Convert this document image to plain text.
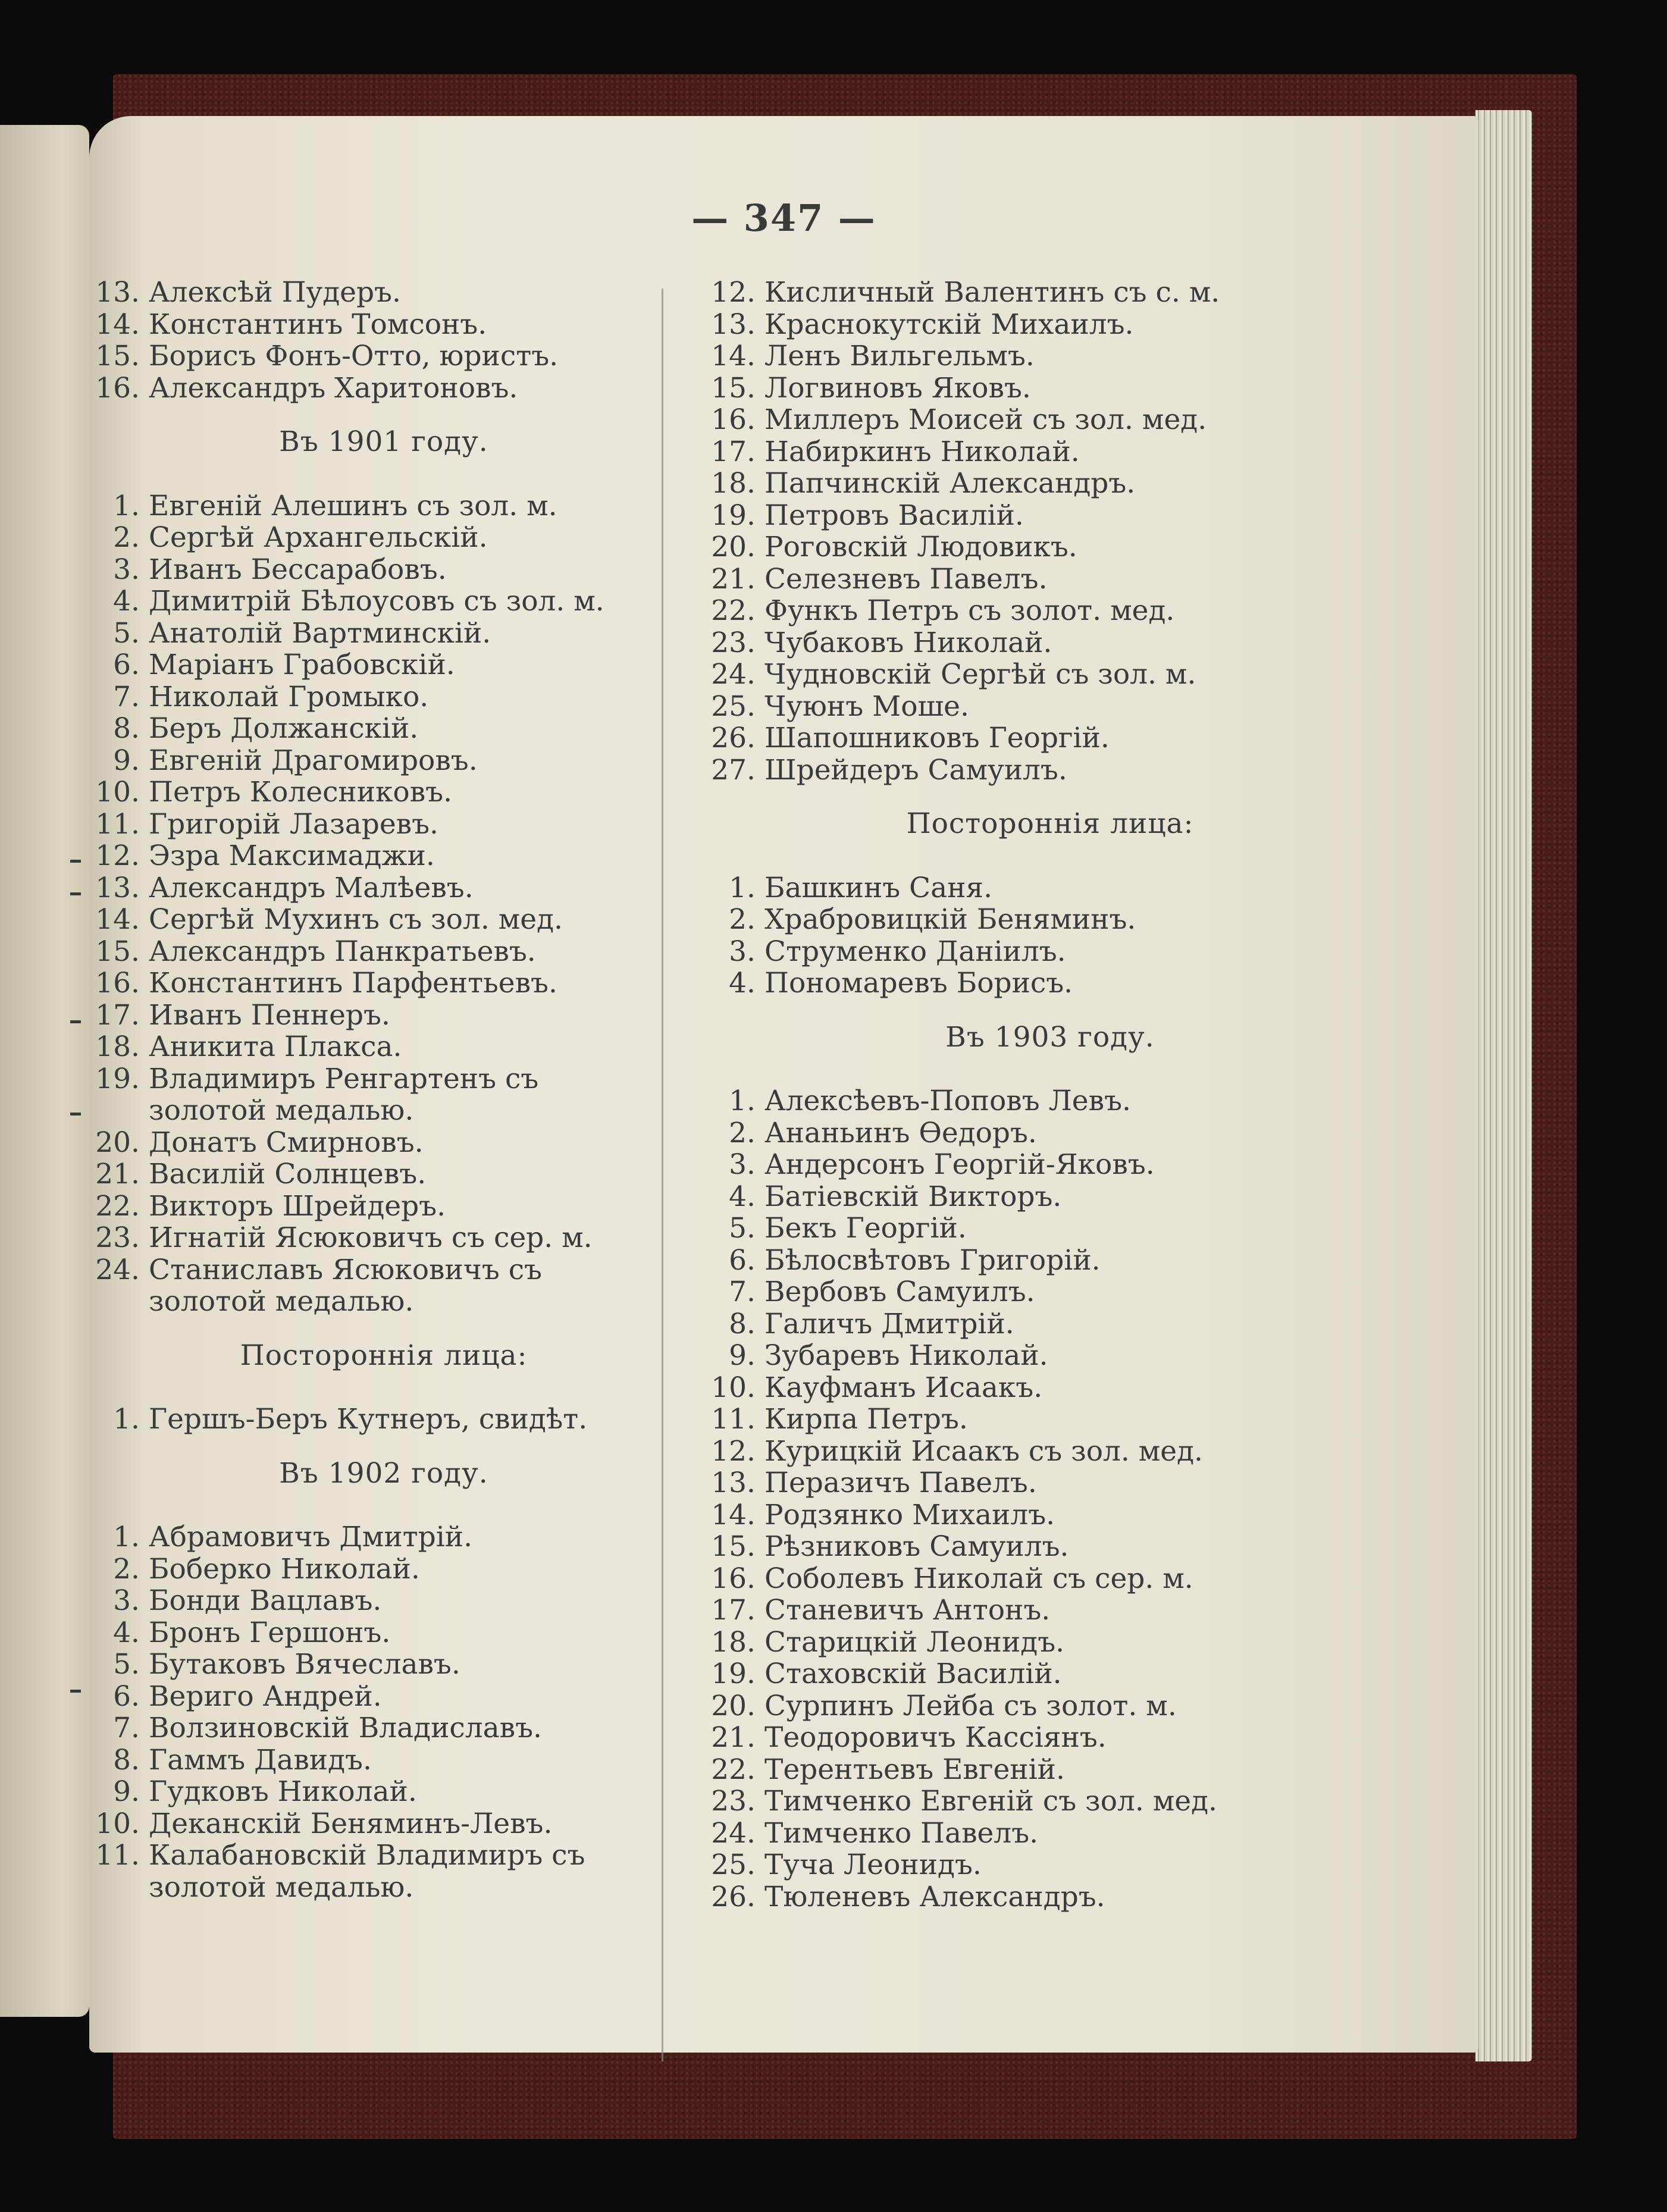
— 347 —
13. Алексѣй Пудеръ.
14. Константинъ Томсонъ.
15. Борисъ Фонъ-Отто, юристъ.
16. Александръ Харитоновъ.
Въ 1901 году.
1. Евгеній Алешинъ съ зол. м.
2. Сергѣй Архангельскій.
3. Иванъ Бессарабовъ.
4. Димитрій Бѣлоусовъ съ зол. м.
5. Анатолій Вартминскій.
6. Маріанъ Грабовскій.
7. Николай Громыко.
8. Беръ Должанскій.
9. Евгеній Драгомировъ.
10. Петръ Колесниковъ.
11. Григорій Лазаревъ.
12. Эзра Максимаджи.
13. Александръ Малѣевъ.
14. Сергѣй Мухинъ съ зол. мед.
15. Александръ Панкратьевъ.
16. Константинъ Парфентьевъ.
17. Иванъ Пеннеръ.
18. Аникита Плакса.
19. Владимиръ Ренгартенъ съ
золотой медалью.
20. Донатъ Смирновъ.
21. Василій Солнцевъ.
22. Викторъ Шрейдеръ.
23. Игнатій Ясюковичъ съ сер. м.
24. Станиславъ Ясюковичъ съ
золотой медалью.
Постороннія лица:
1. Гершъ-Беръ Кутнеръ, свидѣт.
Въ 1902 году.
1. Абрамовичъ Дмитрій.
2. Боберко Николай.
3. Бонди Вацлавъ.
4. Бронъ Гершонъ.
5. Бутаковъ Вячеславъ.
6. Вериго Андрей.
7. Волзиновскій Владиславъ.
8. Гаммъ Давидъ.
9. Гудковъ Николай.
10. Деканскій Беняминъ-Левъ.
11. Калабановскій Владимиръ съ
золотой медалью.
12. Кисличный Валентинъ съ с. м.
13. Краснокутскій Михаилъ.
14. Ленъ Вильгельмъ.
15. Логвиновъ Яковъ.
16. Миллеръ Моисей съ зол. мед.
17. Набиркинъ Николай.
18. Папчинскій Александръ.
19. Петровъ Василій.
20. Роговскій Людовикъ.
21. Селезневъ Павелъ.
22. Функъ Петръ съ золот. мед.
23. Чубаковъ Николай.
24. Чудновскій Сергѣй съ зол. м.
25. Чуюнъ Моше.
26. Шапошниковъ Георгій.
27. Шрейдеръ Самуилъ.
Постороннія лица:
1. Башкинъ Саня.
2. Храбровицкій Беняминъ.
3. Струменко Даніилъ.
4. Пономаревъ Борисъ.
Въ 1903 году.
1. Алексѣевъ-Поповъ Левъ.
2. Ананьинъ Өедоръ.
3. Андерсонъ Георгій-Яковъ.
4. Батіевскій Викторъ.
5. Бекъ Георгій.
6. Бѣлосвѣтовъ Григорій.
7. Вербовъ Самуилъ.
8. Галичъ Дмитрій.
9. Зубаревъ Николай.
10. Кауфманъ Исаакъ.
11. Кирпа Петръ.
12. Курицкій Исаакъ съ зол. мед.
13. Перазичъ Павелъ.
14. Родзянко Михаилъ.
15. Рѣзниковъ Самуилъ.
16. Соболевъ Николай съ сер. м.
17. Станевичъ Антонъ.
18. Старицкій Леонидъ.
19. Стаховскій Василій.
20. Сурпинъ Лейба съ золот. м.
21. Теодоровичъ Кассіянъ.
22. Терентьевъ Евгеній.
23. Тимченко Евгеній съ зол. мед.
24. Тимченко Павелъ.
25. Туча Леонидъ.
26. Тюленевъ Александръ.
